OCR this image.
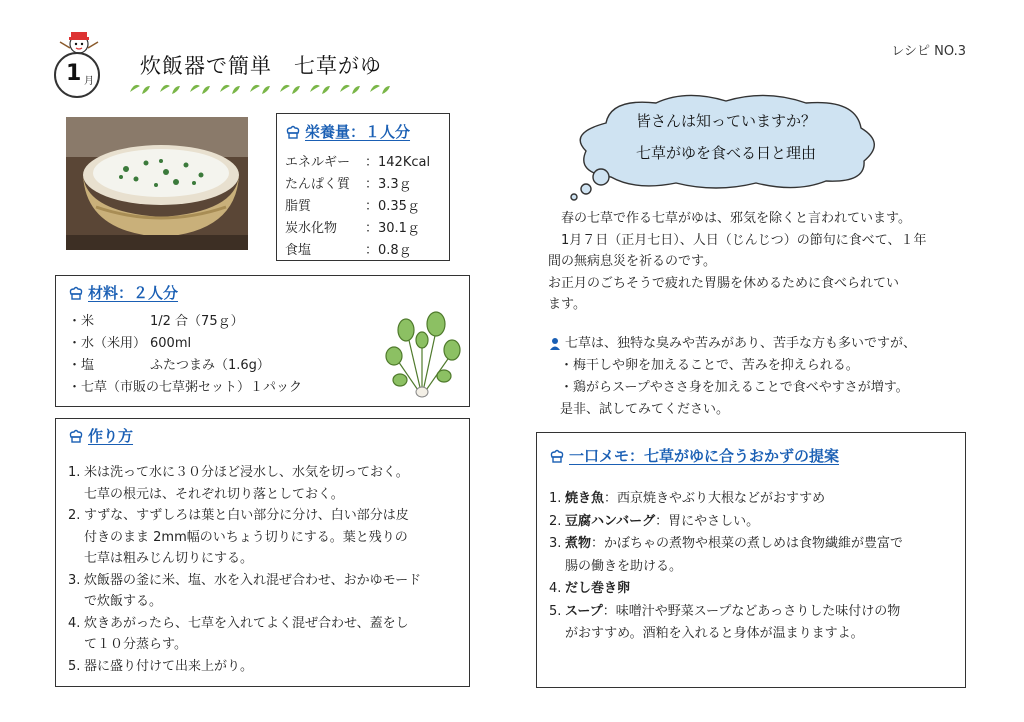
レシピ NO.3
1 月
炊飯器で簡単　七草がゆ
栄養量：１人分
エネルギー	：142Kcal
たんぱく質	：3.3ｇ
脂質	：0.35ｇ
炭水化物	：30.1ｇ
食塩	：0.8ｇ
材料：２人分
・米	1/2 合（75ｇ）
・水（米用） 600ml
・塩	ふたつまみ（1.6g）
・七草（市販の七草粥セット）１パック
作り方
1. 米は洗って水に３０分ほど浸水し、水気を切っておく。
七草の根元は、それぞれ切り落としておく。
2. すずな、すずしろは葉と白い部分に分け、白い部分は皮
付きのまま 2mm幅のいちょう切りにする。葉と残りの
七草は粗みじん切りにする。
3. 炊飯器の釜に米、塩、水を入れ混ぜ合わせ、おかゆモード
で炊飯する。
4. 炊きあがったら、七草を入れてよく混ぜ合わせ、蓋をし
て１０分蒸らす。
5. 器に盛り付けて出来上がり。
皆さんは知っていますか？
七草がゆを食べる日と理由
　春の七草で作る七草がゆは、邪気を除くと言われています。
　1月７日（正月七日）、人日（じんじつ）の節句に食べて、１年
間の無病息災を祈るのです。
お正月のごちそうで疲れた胃腸を休めるために食べられてい
ます。
七草は、独特な臭みや苦みがあり、苦手な方も多いですが、
・梅干しや卵を加えることで、苦みを抑えられる。
・鶏がらスープやささ身を加えることで食べやすさが増す。
是非、試してみてください。
一口メモ：七草がゆに合うおかずの提案
1. 焼き魚：西京焼きやぶり大根などがおすすめ
2. 豆腐ハンバーグ：胃にやさしい。
3. 煮物：かぼちゃの煮物や根菜の煮しめは食物繊維が豊富で
腸の働きを助ける。
4. だし巻き卵
5. スープ：味噌汁や野菜スープなどあっさりした味付けの物
がおすすめ。酒粕を入れると身体が温まりますよ。
